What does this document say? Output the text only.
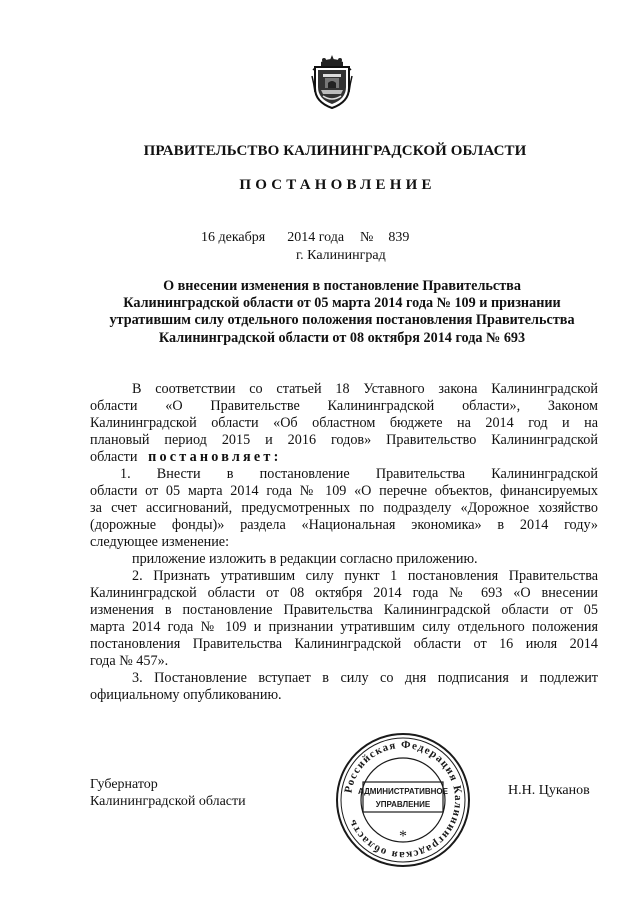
ПРАВИТЕЛЬСТВО КАЛИНИНГРАДСКОЙ ОБЛАСТИ
ПОСТАНОВЛЕНИЕ
16 декабря 2014 года № 839
г. Калининград
О внесении изменения в постановление Правительства
Калининградской области от 05 марта 2014 года № 109 и признании
утратившим силу отдельного положения постановления Правительства
Калининградской области от 08 октября 2014 года № 693

В соответствии со статьей 18 Уставного закона Калининградской

области «О Правительстве Калининградской области», Законом

Калининградской области «Об областном бюджете на 2014 год и на

плановый период 2015 и 2016 годов» Правительство Калининградской

области постановляет:

1. Внести в постановление Правительства Калининградской

области от 05 марта 2014 года № 109 «О перечне объектов, финансируемых

за счет ассигнований, предусмотренных по подразделу «Дорожное хозяйство

(дорожные фонды)» раздела «Национальная экономика» в 2014 году»

следующее изменение:

приложение изложить в редакции согласно приложению.

2. Признать утратившим силу пункт 1 постановления Правительства

Калининградской области от 08 октября 2014 года № 693 «О внесении

изменения в постановление Правительства Калининградской области от 05

марта 2014 года № 109 и признании утратившим силу отдельного положения

постановления Правительства Калининградской области от 16 июля 2014

года № 457».

3. Постановление вступает в силу со дня подписания и подлежит

официальному опубликованию.

Губернатор
Калининградской области
Н.Н. Цуканов
Российская Федерация Калининградская область
АДМИНИСТРАТИВНОЕ
УПРАВЛЕНИЕ
*
